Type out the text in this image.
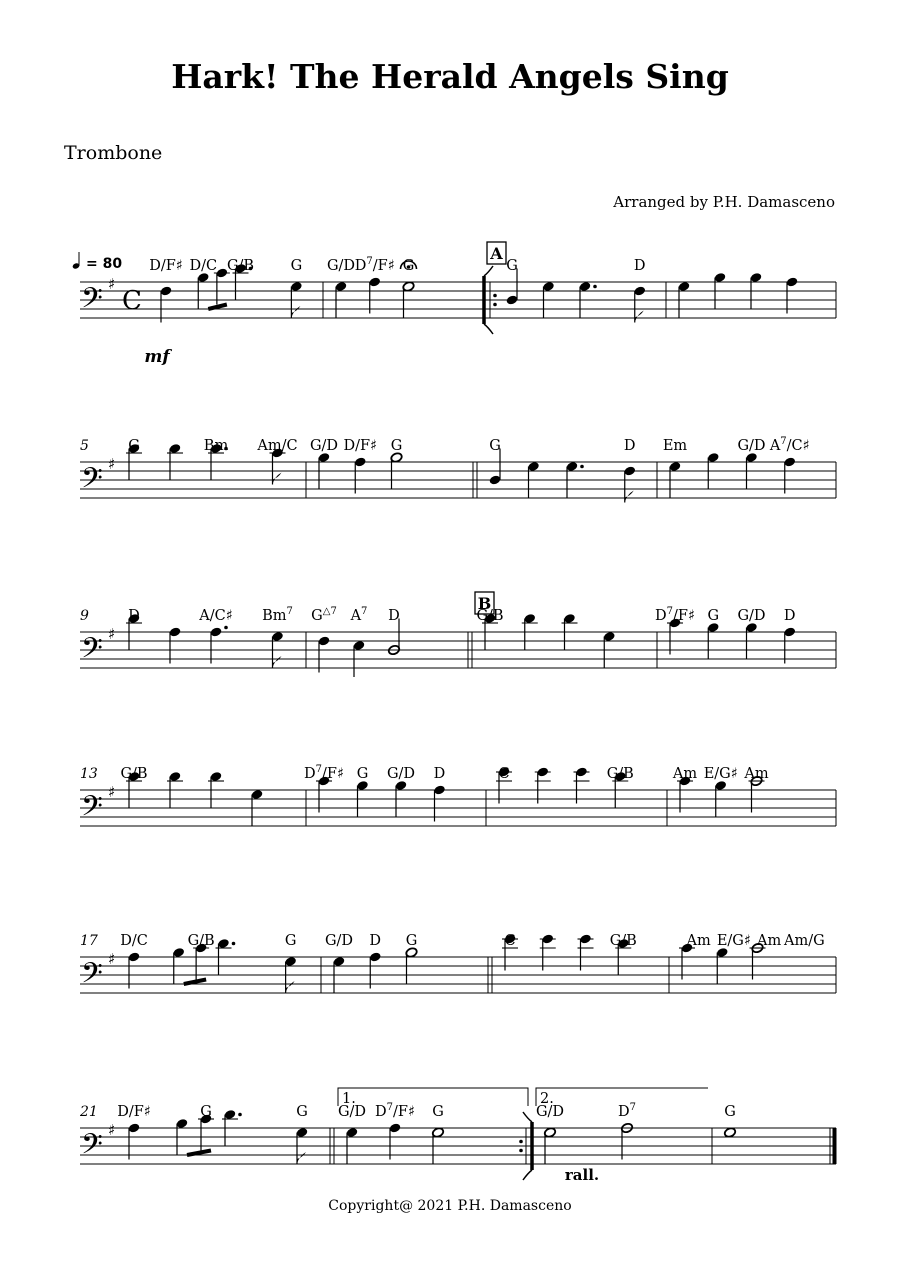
Hark! The Herald Angels Sing
Trombone
Arranged by P.H. Damasceno
𝄢 ♯
C
= 80
mf
D/F♯ D/C G/B	G G/D $D^7/F♯$ G	G	D
A
𝄢 ♯
5	G	Bm Am/C G/D D/F♯ G	G	D Em	G/D $A^7/C♯$
𝄢 ♯
9	D	A/C♯ Bm$^7$ $G^{\triangle 7}$ $A^7$ D	G/B
B
$D^7/F♯$ G G/D D
𝄢 ♯
13 G/B	$D^7/F♯$ G G/D D	C	G/B	Am E/G♯ Am
𝄢 ♯
17 D/C	G/B	G G/D D G	C	G/B	Am E/G♯ Am Am/G
𝄢 ♯
21 D/F♯	G	G G/D $D^7/F♯$ G
1.
G/D	$D^7$
2.
G
rall.
Copyright@ 2021 P.H. Damasceno
